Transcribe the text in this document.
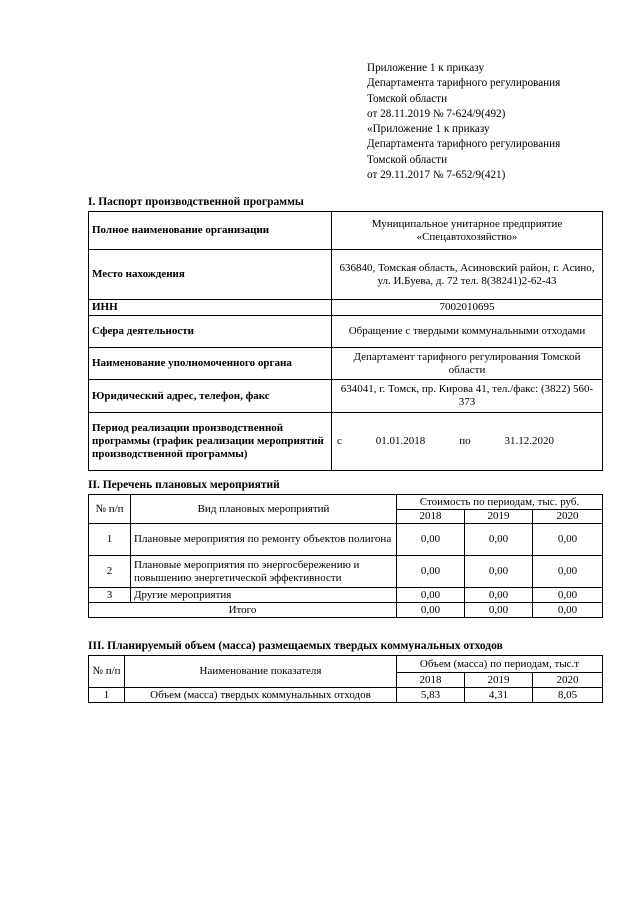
Приложение 1 к приказу
Департамента тарифного регулирования
Томской области
от 28.11.2019 № 7-624/9(492)
«Приложение 1 к приказу
Департамента тарифного регулирования
Томской области
от 29.11.2017 № 7-652/9(421)
I. Паспорт производственной программы
Полное наименование организации	Муниципальное унитарное предприятие «Спецавтохозяйство»
Место нахождения	636840, Томская область, Асиновский район, г. Асино, ул. И.Буева, д. 72 тел. 8(38241)2-62-43
ИНН	7002010695
Сфера деятельности	Обращение с твердыми коммунальными отходами
Наименование уполномоченного органа	Департамент тарифного регулирования Томской области
Юридический адрес, телефон, факс	634041, г. Томск, пр. Кирова 41, тел./факс: (3822) 560-373
Период реализации производственной программы (график реализации мероприятий производственной программы)	с 01.01.2018 по 31.12.2020
II. Перечень плановых мероприятий
№ п/п	Вид плановых мероприятий	Стоимость по периодам, тыс. руб.		
		2018	2019	2020
1	Плановые мероприятия по ремонту объектов полигона	0,00	0,00	0,00
2	Плановые мероприятия по энергосбережению и повышению энергетической эффективности	0,00	0,00	0,00
3	Другие мероприятия	0,00	0,00	0,00
Итого		0,00	0,00	0,00
III. Планируемый объем (масса) размещаемых твердых коммунальных отходов
№ п/п	Наименование показателя	Объем (масса) по периодам, тыс.т		
		2018	2019	2020
1	Объем (масса) твердых коммунальных отходов	5,83	4,31	8,05
